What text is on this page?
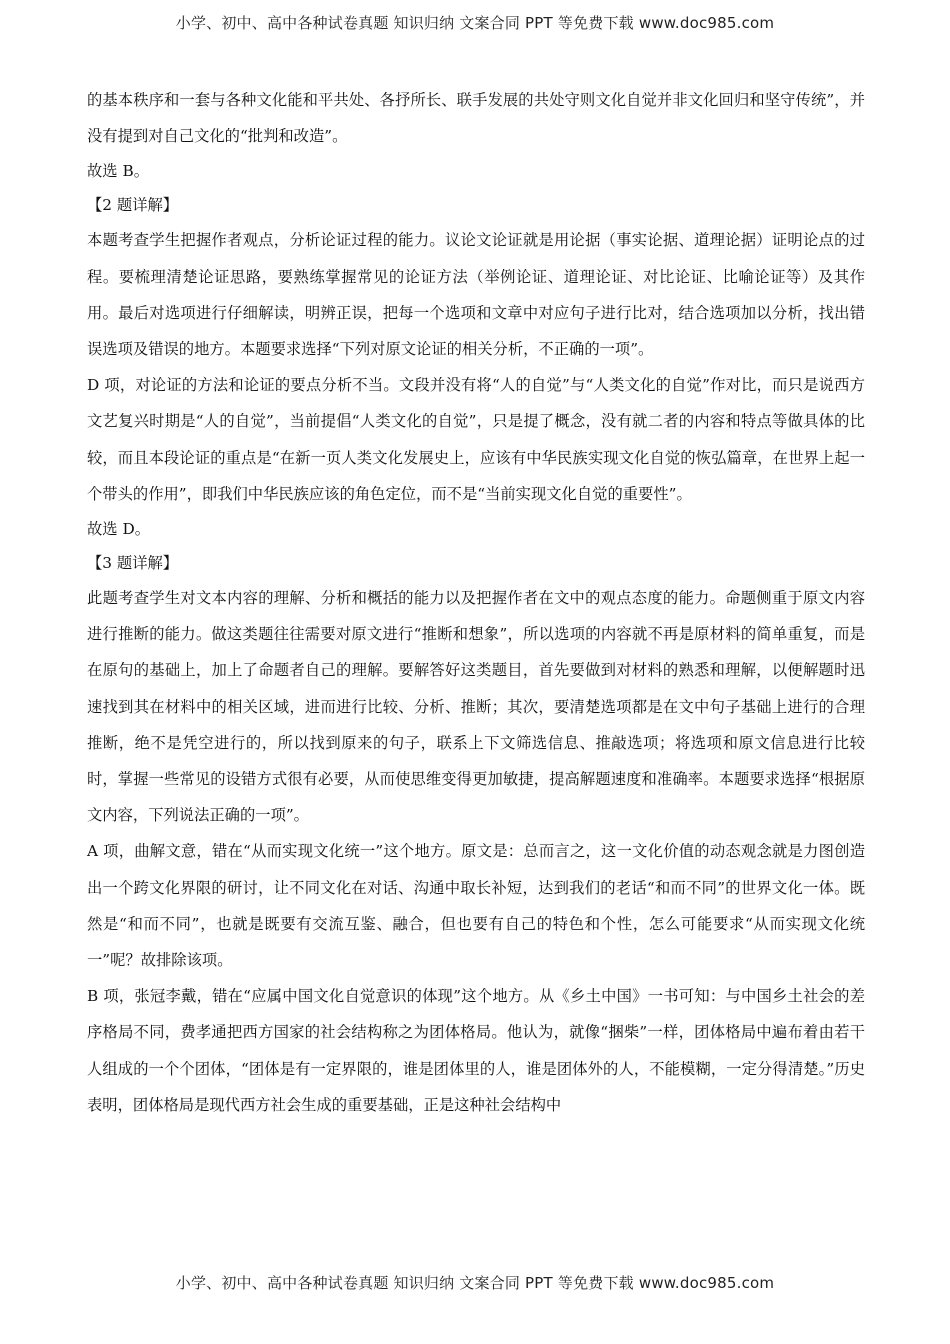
小学、初中、高中各种试卷真题 知识归纳 文案合同 PPT 等免费下载 www.doc985.com

的基本秩序和一套与各种文化能和平共处、各抒所长、联手发展的共处守则文化自觉并非文化回归和坚守传统”，并没有提到对自己文化的“批判和改造”。

故选 B。

【2 题详解】

本题考查学生把握作者观点，分析论证过程的能力。议论文论证就是用论据（事实论据、道理论据）证明论点的过程。要梳理清楚论证思路，要熟练掌握常见的论证方法（举例论证、道理论证、对比论证、比喻论证等）及其作用。最后对选项进行仔细解读，明辨正误，把每一个选项和文章中对应句子进行比对，结合选项加以分析，找出错误选项及错误的地方。本题要求选择“下列对原文论证的相关分析，不正确的一项”。

D 项，对论证的方法和论证的要点分析不当。文段并没有将“人的自觉”与“人类文化的自觉”作对比，而只是说西方文艺复兴时期是“人的自觉”，当前提倡“人类文化的自觉”，只是提了概念，没有就二者的内容和特点等做具体的比较，而且本段论证的重点是“在新一页人类文化发展史上，应该有中华民族实现文化自觉的恢弘篇章，在世界上起一个带头的作用”，即我们中华民族应该的角色定位，而不是“当前实现文化自觉的重要性”。

故选 D。

【3 题详解】

此题考查学生对文本内容的理解、分析和概括的能力以及把握作者在文中的观点态度的能力。命题侧重于原文内容进行推断的能力。做这类题往往需要对原文进行“推断和想象”，所以选项的内容就不再是原材料的简单重复，而是在原句的基础上，加上了命题者自己的理解。要解答好这类题目，首先要做到对材料的熟悉和理解，以便解题时迅速找到其在材料中的相关区域，进而进行比较、分析、推断；其次，要清楚选项都是在文中句子基础上进行的合理推断，绝不是凭空进行的，所以找到原来的句子，联系上下文筛选信息、推敲选项；将选项和原文信息进行比较时，掌握一些常见的设错方式很有必要，从而使思维变得更加敏捷，提高解题速度和准确率。本题要求选择“根据原文内容，下列说法正确的一项”。

A 项，曲解文意，错在“从而实现文化统一”这个地方。原文是：总而言之，这一文化价值的动态观念就是力图创造出一个跨文化界限的研讨，让不同文化在对话、沟通中取长补短，达到我们的老话“和而不同”的世界文化一体。既然是“和而不同”，也就是既要有交流互鉴、融合，但也要有自己的特色和个性，怎么可能要求“从而实现文化统一”呢？故排除该项。

B 项，张冠李戴，错在“应属中国文化自觉意识的体现”这个地方。从《乡土中国》一书可知：与中国乡土社会的差序格局不同，费孝通把西方国家的社会结构称之为团体格局。他认为，就像“捆柴”一样，团体格局中遍布着由若干人组成的一个个团体，“团体是有一定界限的，谁是团体里的人，谁是团体外的人，不能模糊，一定分得清楚。”历史表明，团体格局是现代西方社会生成的重要基础，正是这种社会结构中

小学、初中、高中各种试卷真题 知识归纳 文案合同 PPT 等免费下载 www.doc985.com
